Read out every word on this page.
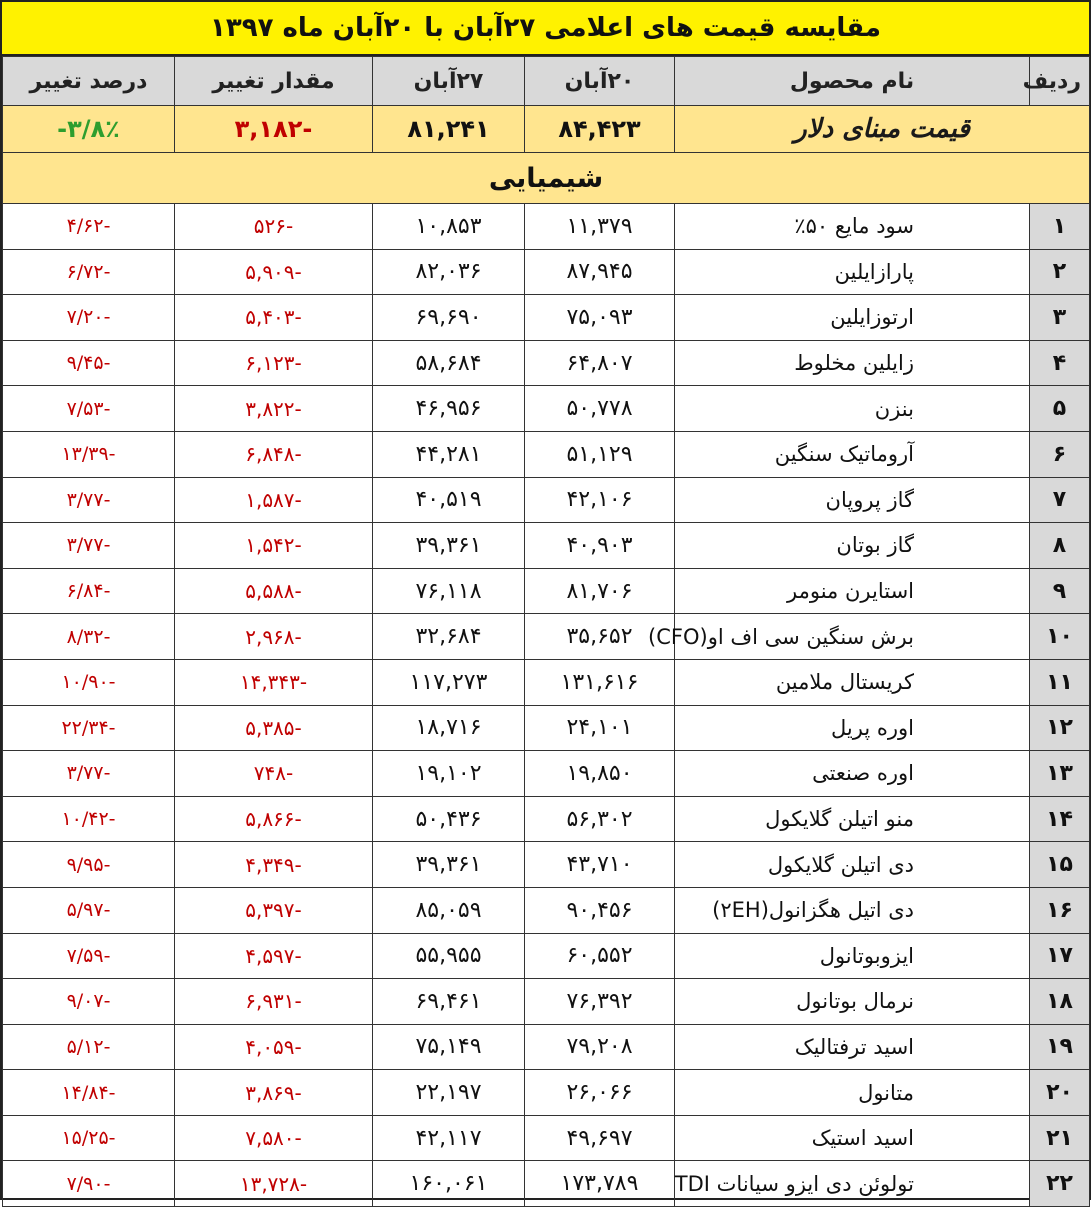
مقایسه قیمت های اعلامی ۲۷آبان با ۲۰آبان ماه ۱۳۹۷
ردیف	نام محصول	۲۰آبان	۲۷آبان	مقدار تغییر	درصد تغییر
قیمت مبنای دلار		۸۴,۴۲۳	۸۱,۲۴۱	۳,۱۸۲-	-۳/۸٪
شیمیایی					
۱	سود مایع ۵۰٪	۱۱,۳۷۹	۱۰,۸۵۳	۵۲۶-	۴/۶۲-
۲	پارازایلین	۸۷,۹۴۵	۸۲,۰۳۶	۵,۹۰۹-	۶/۷۲-
۳	ارتوزایلین	۷۵,۰۹۳	۶۹,۶۹۰	۵,۴۰۳-	۷/۲۰-
۴	زایلین مخلوط	۶۴,۸۰۷	۵۸,۶۸۴	۶,۱۲۳-	۹/۴۵-
۵	بنزن	۵۰,۷۷۸	۴۶,۹۵۶	۳,۸۲۲-	۷/۵۳-
۶	آروماتیک سنگین	۵۱,۱۲۹	۴۴,۲۸۱	۶,۸۴۸-	۱۳/۳۹-
۷	گاز پروپان	۴۲,۱۰۶	۴۰,۵۱۹	۱,۵۸۷-	۳/۷۷-
۸	گاز بوتان	۴۰,۹۰۳	۳۹,۳۶۱	۱,۵۴۲-	۳/۷۷-
۹	استایرن منومر	۸۱,۷۰۶	۷۶,۱۱۸	۵,۵۸۸-	۶/۸۴-
۱۰	برش سنگین سی اف او(CFO)	۳۵,۶۵۲	۳۲,۶۸۴	۲,۹۶۸-	۸/۳۲-
۱۱	کریستال ملامین	۱۳۱,۶۱۶	۱۱۷,۲۷۳	۱۴,۳۴۳-	۱۰/۹۰-
۱۲	اوره پریل	۲۴,۱۰۱	۱۸,۷۱۶	۵,۳۸۵-	۲۲/۳۴-
۱۳	اوره صنعتی	۱۹,۸۵۰	۱۹,۱۰۲	۷۴۸-	۳/۷۷-
۱۴	منو اتیلن گلایکول	۵۶,۳۰۲	۵۰,۴۳۶	۵,۸۶۶-	۱۰/۴۲-
۱۵	دی اتیلن گلایکول	۴۳,۷۱۰	۳۹,۳۶۱	۴,۳۴۹-	۹/۹۵-
۱۶	دی اتیل هگزانول(۲EH)	۹۰,۴۵۶	۸۵,۰۵۹	۵,۳۹۷-	۵/۹۷-
۱۷	ایزوبوتانول	۶۰,۵۵۲	۵۵,۹۵۵	۴,۵۹۷-	۷/۵۹-
۱۸	نرمال بوتانول	۷۶,۳۹۲	۶۹,۴۶۱	۶,۹۳۱-	۹/۰۷-
۱۹	اسید ترفتالیک	۷۹,۲۰۸	۷۵,۱۴۹	۴,۰۵۹-	۵/۱۲-
۲۰	متانول	۲۶,۰۶۶	۲۲,۱۹۷	۳,۸۶۹-	۱۴/۸۴-
۲۱	اسید استیک	۴۹,۶۹۷	۴۲,۱۱۷	۷,۵۸۰-	۱۵/۲۵-
۲۲	تولوئن دی ایزو سیانات TDI	۱۷۳,۷۸۹	۱۶۰,۰۶۱	۱۳,۷۲۸-	۷/۹۰-
